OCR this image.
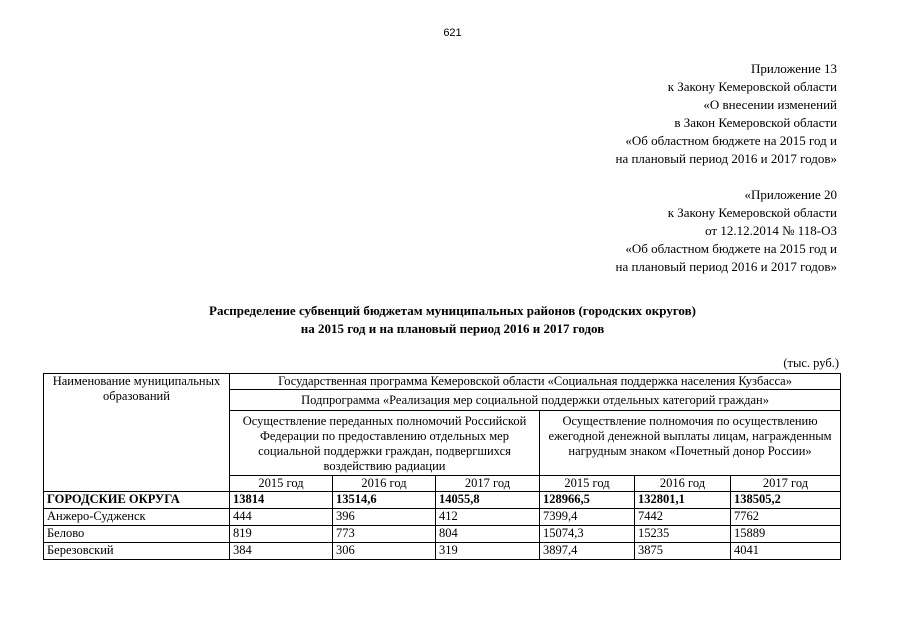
621
Приложение 13
к Закону Кемеровской области
«О внесении изменений
в Закон Кемеровской области
«Об областном бюджете на 2015 год и
на плановый период 2016 и 2017 годов»
«Приложение 20
к Закону Кемеровской области
от 12.12.2014 № 118-ОЗ
«Об областном бюджете на 2015 год и
на плановый период 2016 и 2017 годов»
Распределение субвенций бюджетам муниципальных районов (городских округов)
на 2015 год и на плановый период 2016 и 2017 годов
(тыс. руб.)
Наименование муниципальных образований	Государственная программа Кемеровской области «Социальная поддержка населения Кузбасса»					
	Подпрограмма «Реализация мер социальной поддержки отдельных категорий граждан»					
	Осуществление переданных полномочий Российской Федерации по предоставлению отдельных мер социальной поддержки граждан, подвергшихся воздействию радиации			Осуществление полномочия по осуществлению ежегодной денежной выплаты лицам, награжденным нагрудным знаком «Почетный донор России»		
	2015 год	2016 год	2017 год	2015 год	2016 год	2017 год
ГОРОДСКИЕ ОКРУГА	13814	13514,6	14055,8	128966,5	132801,1	138505,2
Анжеро-Судженск	444	396	412	7399,4	7442	7762
Белово	819	773	804	15074,3	15235	15889
Березовский	384	306	319	3897,4	3875	4041
